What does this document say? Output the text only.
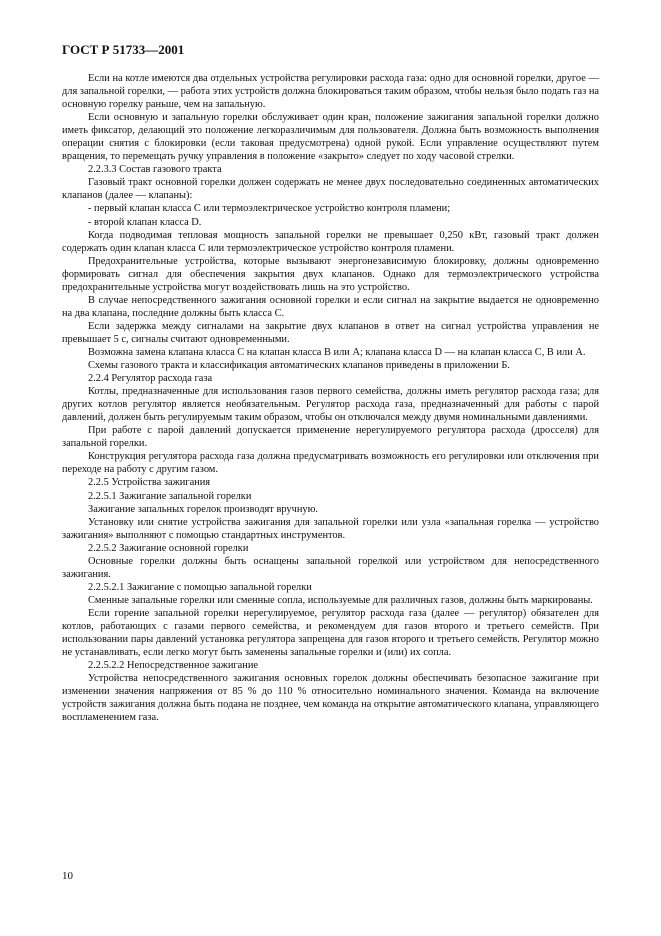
ГОСТ Р 51733—2001

Если на котле имеются два отдельных устройства регулировки расхода газа: одно для основной горелки, другое — для запальной горелки, — работа этих устройств должна блокироваться таким образом, чтобы нельзя было подать газ на основную горелку раньше, чем на запальную.

Если основную и запальную горелки обслуживает один кран, положение зажигания запальной горелки должно иметь фиксатор, делающий это положение легкоразличимым для пользователя. Должна быть возможность выполнения операции снятия с блокировки (если таковая предусмотрена) одной рукой. Если управление осуществляют путем вращения, то перемещать ручку управления в положение «закрыто» следует по ходу часовой стрелки.

2.2.3.3 Состав газового тракта

Газовый тракт основной горелки должен содержать не менее двух последовательно соединенных автоматических клапанов (далее — клапаны):

- первый клапан класса С или термоэлектрическое устройство контроля пламени;

- второй клапан класса D.

Когда подводимая тепловая мощность запальной горелки не превышает 0,250 кВт, газовый тракт должен содержать один клапан класса С или термоэлектрическое устройство контроля пламени.

Предохранительные устройства, которые вызывают энергонезависимую блокировку, должны одновременно формировать сигнал для обеспечения закрытия двух клапанов. Однако для термоэлектрического устройства предохранительные устройства могут воздействовать лишь на это устройство.

В случае непосредственного зажигания основной горелки и если сигнал на закрытие выдается не одновременно на два клапана, последние должны быть класса С.

Если задержка между сигналами на закрытие двух клапанов в ответ на сигнал устройства управления не превышает 5 с, сигналы считают одновременными.

Возможна замена клапана класса С на клапан класса В или А; клапана класса D — на клапан класса С, В или А.

Схемы газового тракта и классификация автоматических клапанов приведены в приложении Б.

2.2.4 Регулятор расхода газа

Котлы, предназначенные для использования газов первого семейства, должны иметь регулятор расхода газа; для других котлов регулятор является необязательным. Регулятор расхода газа, предназначенный для работы с парой давлений, должен быть регулируемым таким образом, чтобы он отключался между двумя номинальными давлениями.

При работе с парой давлений допускается применение нерегулируемого регулятора расхода (дросселя) для запальной горелки.

Конструкция регулятора расхода газа должна предусматривать возможность его регулировки или отключения при переходе на работу с другим газом.

2.2.5 Устройства зажигания

2.2.5.1 Зажигание запальной горелки

Зажигание запальных горелок производят вручную.

Установку или снятие устройства зажигания для запальной горелки или узла «запальная горелка — устройство зажигания» выполняют с помощью стандартных инструментов.

2.2.5.2 Зажигание основной горелки

Основные горелки должны быть оснащены запальной горелкой или устройством для непосредственного зажигания.

2.2.5.2.1 Зажигание с помощью запальной горелки

Сменные запальные горелки или сменные сопла, используемые для различных газов, должны быть маркированы.

Если горение запальной горелки нерегулируемое, регулятор расхода газа (далее — регулятор) обязателен для котлов, работающих с газами первого семейства, и рекомендуем для газов второго и третьего семейств. При использовании пары давлений установка регулятора запрещена для газов второго и третьего семейств. Регулятор можно не устанавливать, если легко могут быть заменены запальные горелки и (или) их сопла.

2.2.5.2.2 Непосредственное зажигание

Устройства непосредственного зажигания основных горелок должны обеспечивать безопасное зажигание при изменении значения напряжения от 85 % до 110 % относительно номинального значения. Команда на включение устройств зажигания должна быть подана не позднее, чем команда на открытие автоматического клапана, управляющего воспламенением газа.

10
